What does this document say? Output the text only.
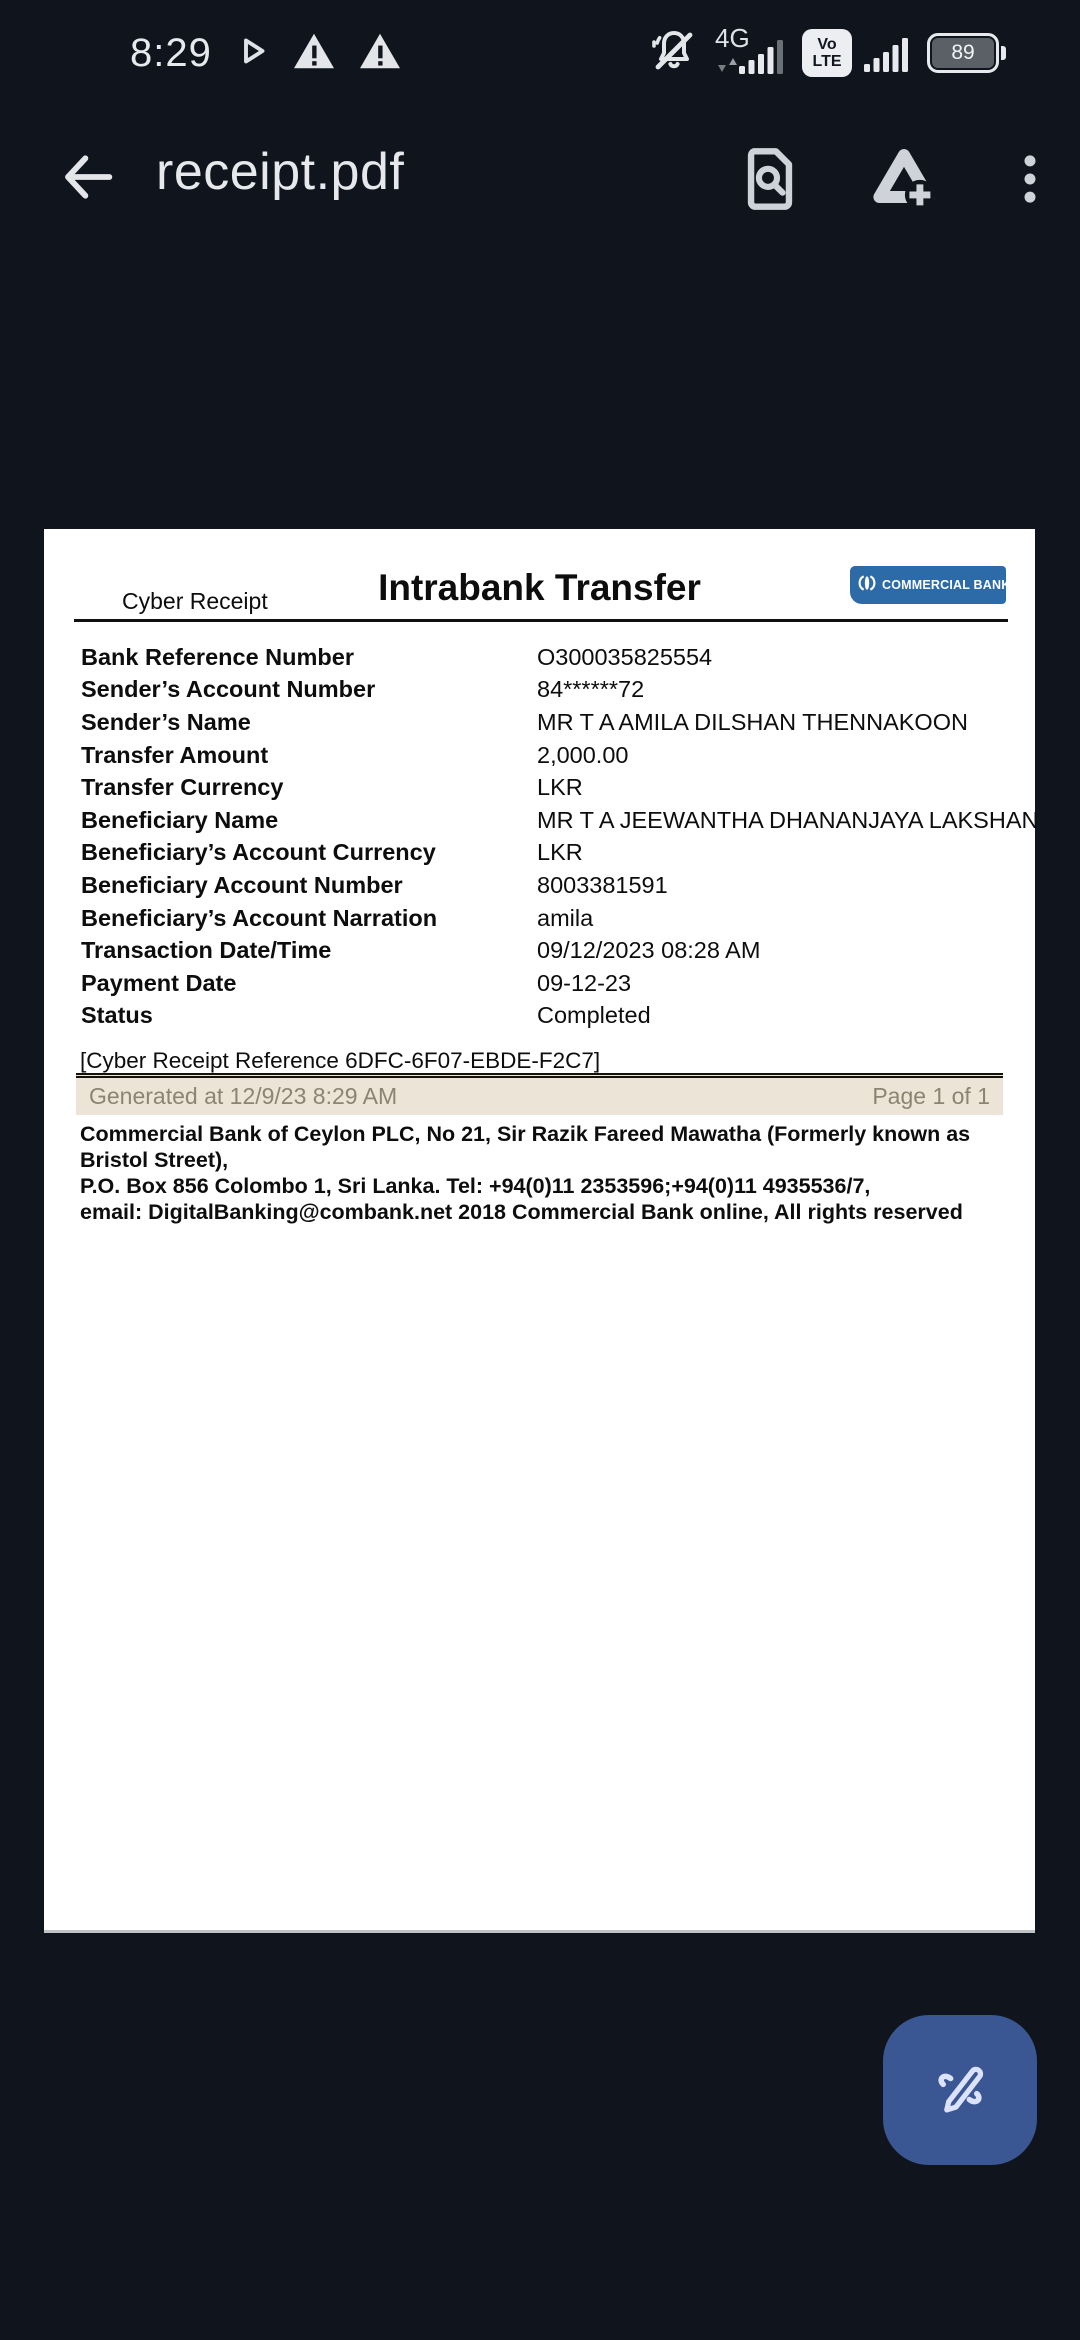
8:29	4G	Vo
LTE	89
receipt.pdf
Cyber Receipt	Intrabank Transfer	COMMERCIAL BANK
Bank Reference Number	O300035825554
Sender’s Account Number	84******72
Sender’s Name	MR T A AMILA DILSHAN THENNAKOON
Transfer Amount	2,000.00
Transfer Currency	LKR
Beneficiary Name	MR T A JEEWANTHA DHANANJAYA LAKSHAN
Beneficiary’s Account Currency	LKR
Beneficiary Account Number	8003381591
Beneficiary’s Account Narration	amila
Transaction Date/Time	09/12/2023 08:28 AM
Payment Date	09-12-23
Status	Completed
[Cyber Receipt Reference 6DFC-6F07-EBDE-F2C7]
Generated at 12/9/23 8:29 AM	Page 1 of 1
Commercial Bank of Ceylon PLC, No 21, Sir Razik Fareed Mawatha (Formerly known as Bristol Street),
P.O. Box 856 Colombo 1, Sri Lanka. Tel: +94(0)11 2353596;+94(0)11 4935536/7,
email: DigitalBanking@combank.net 2018 Commercial Bank online, All rights reserved
